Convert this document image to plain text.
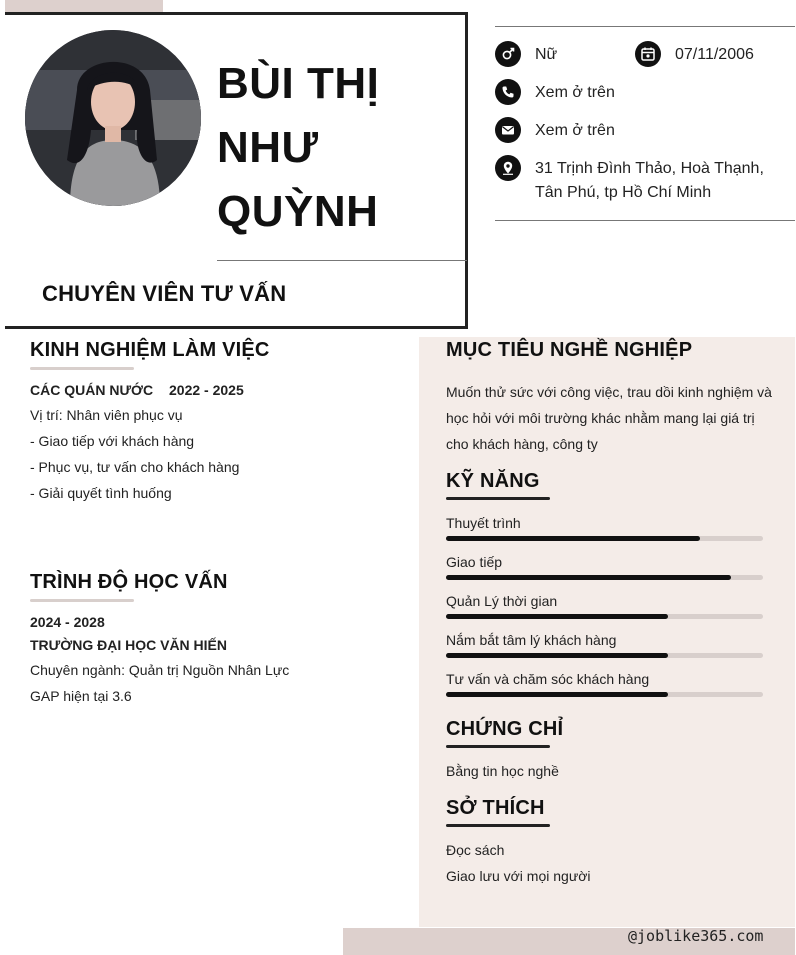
BÙI THỊ
NHƯ
QUỲNH
CHUYÊN VIÊN TƯ VẤN
Nữ	07/11/2006
Xem ở trên
Xem ở trên
31 Trịnh Đình Thảo, Hoà Thạnh,
Tân Phú, tp Hồ Chí Minh
@joblike365.com
KINH NGHIỆM LÀM VIỆC
CÁC QUÁN NƯỚC 2022 - 2025
Vị trí: Nhân viên phục vụ
- Giao tiếp với khách hàng
- Phục vụ, tư vấn cho khách hàng
- Giải quyết tình huống
TRÌNH ĐỘ HỌC VẤN
2024 - 2028
TRƯỜNG ĐẠI HỌC VĂN HIẾN
Chuyên ngành: Quản trị Nguồn Nhân Lực
GAP hiện tại 3.6
MỤC TIÊU NGHỀ NGHIỆP
Muốn thử sức với công việc, trau dồi kinh nghiệm và
học hỏi với môi trường khác nhằm mang lại giá trị
cho khách hàng, công ty
KỸ NĂNG
Thuyết trình
Giao tiếp
Quản Lý thời gian
Nắm bắt tâm lý khách hàng
Tư vấn và chăm sóc khách hàng
CHỨNG CHỈ
Bằng tin học nghề
SỞ THÍCH
Đọc sách
Giao lưu với mọi người
